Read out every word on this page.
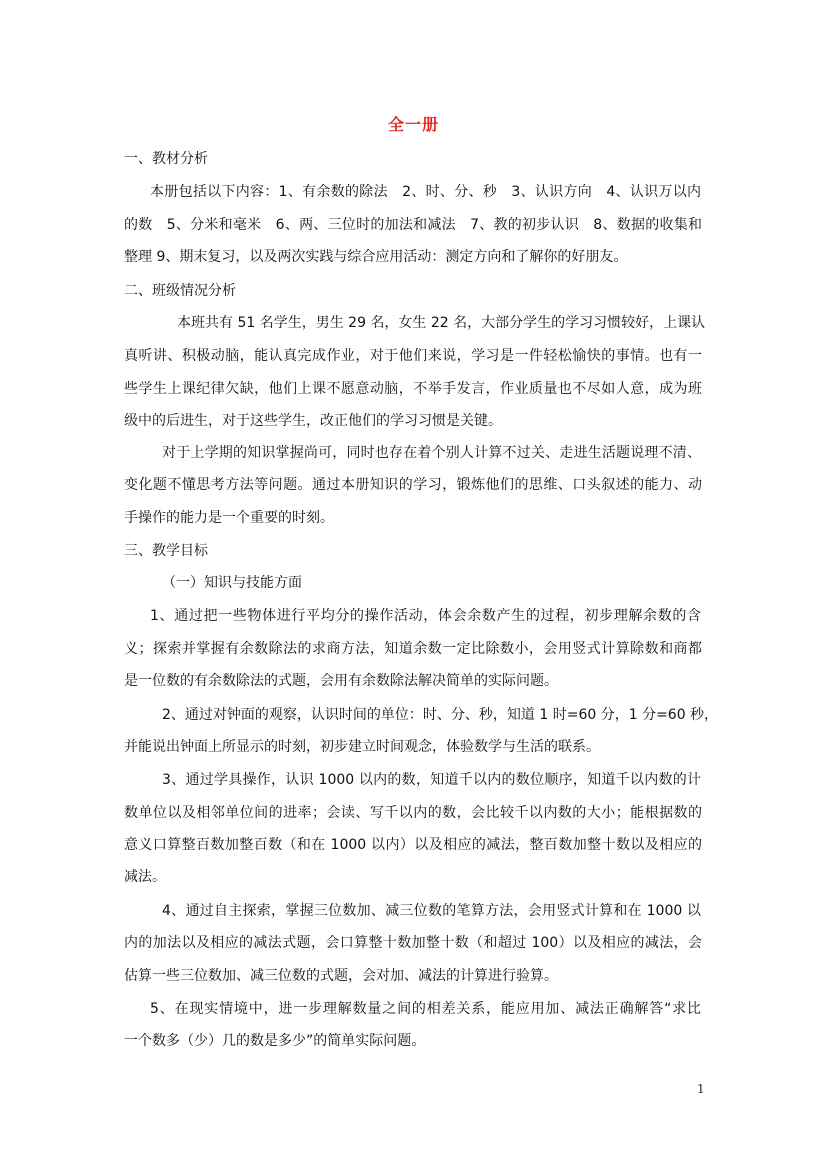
全一册
一、教材分析
本册包括以下内容：1、有余数的除法　2、时、分、秒　3、认识方向　4、认识万以内
的数　5、分米和毫米　6、两、三位时的加法和减法　7、教的初步认识　8、数据的收集和
整理 9、期末复习，以及两次实践与综合应用活动：测定方向和了解你的好朋友。
二、班级情况分析
本班共有 51 名学生，男生 29 名，女生 22 名，大部分学生的学习习惯较好，上课认
真听讲、积极动脑，能认真完成作业，对于他们来说，学习是一件轻松愉快的事情。也有一
些学生上课纪律欠缺，他们上课不愿意动脑，不举手发言，作业质量也不尽如人意，成为班
级中的后进生，对于这些学生，改正他们的学习习惯是关键。
对于上学期的知识掌握尚可，同时也存在着个别人计算不过关、走进生活题说理不清、
变化题不懂思考方法等问题。通过本册知识的学习，锻炼他们的思维、口头叙述的能力、动
手操作的能力是一个重要的时刻。
三、教学目标
（一）知识与技能方面
1、通过把一些物体进行平均分的操作活动，体会余数产生的过程，初步理解余数的含
义；探索并掌握有余数除法的求商方法，知道余数一定比除数小，会用竖式计算除数和商都
是一位数的有余数除法的式题，会用有余数除法解决简单的实际问题。
2、通过对钟面的观察，认识时间的单位：时、分、秒，知道 1 时=60 分，1 分=60 秒，
并能说出钟面上所显示的时刻，初步建立时间观念，体验数学与生活的联系。
3、通过学具操作，认识 1000 以内的数，知道千以内的数位顺序，知道千以内数的计
数单位以及相邻单位间的进率；会读、写千以内的数，会比较千以内数的大小；能根据数的
意义口算整百数加整百数（和在 1000 以内）以及相应的减法，整百数加整十数以及相应的
减法。
4、通过自主探索，掌握三位数加、减三位数的笔算方法，会用竖式计算和在 1000 以
内的加法以及相应的减法式题，会口算整十数加整十数（和超过 100）以及相应的减法，会
估算一些三位数加、减三位数的式题，会对加、减法的计算进行验算。
5、在现实情境中，进一步理解数量之间的相差关系，能应用加、减法正确解答“求比
一个数多（少）几的数是多少”的简单实际问题。
1
